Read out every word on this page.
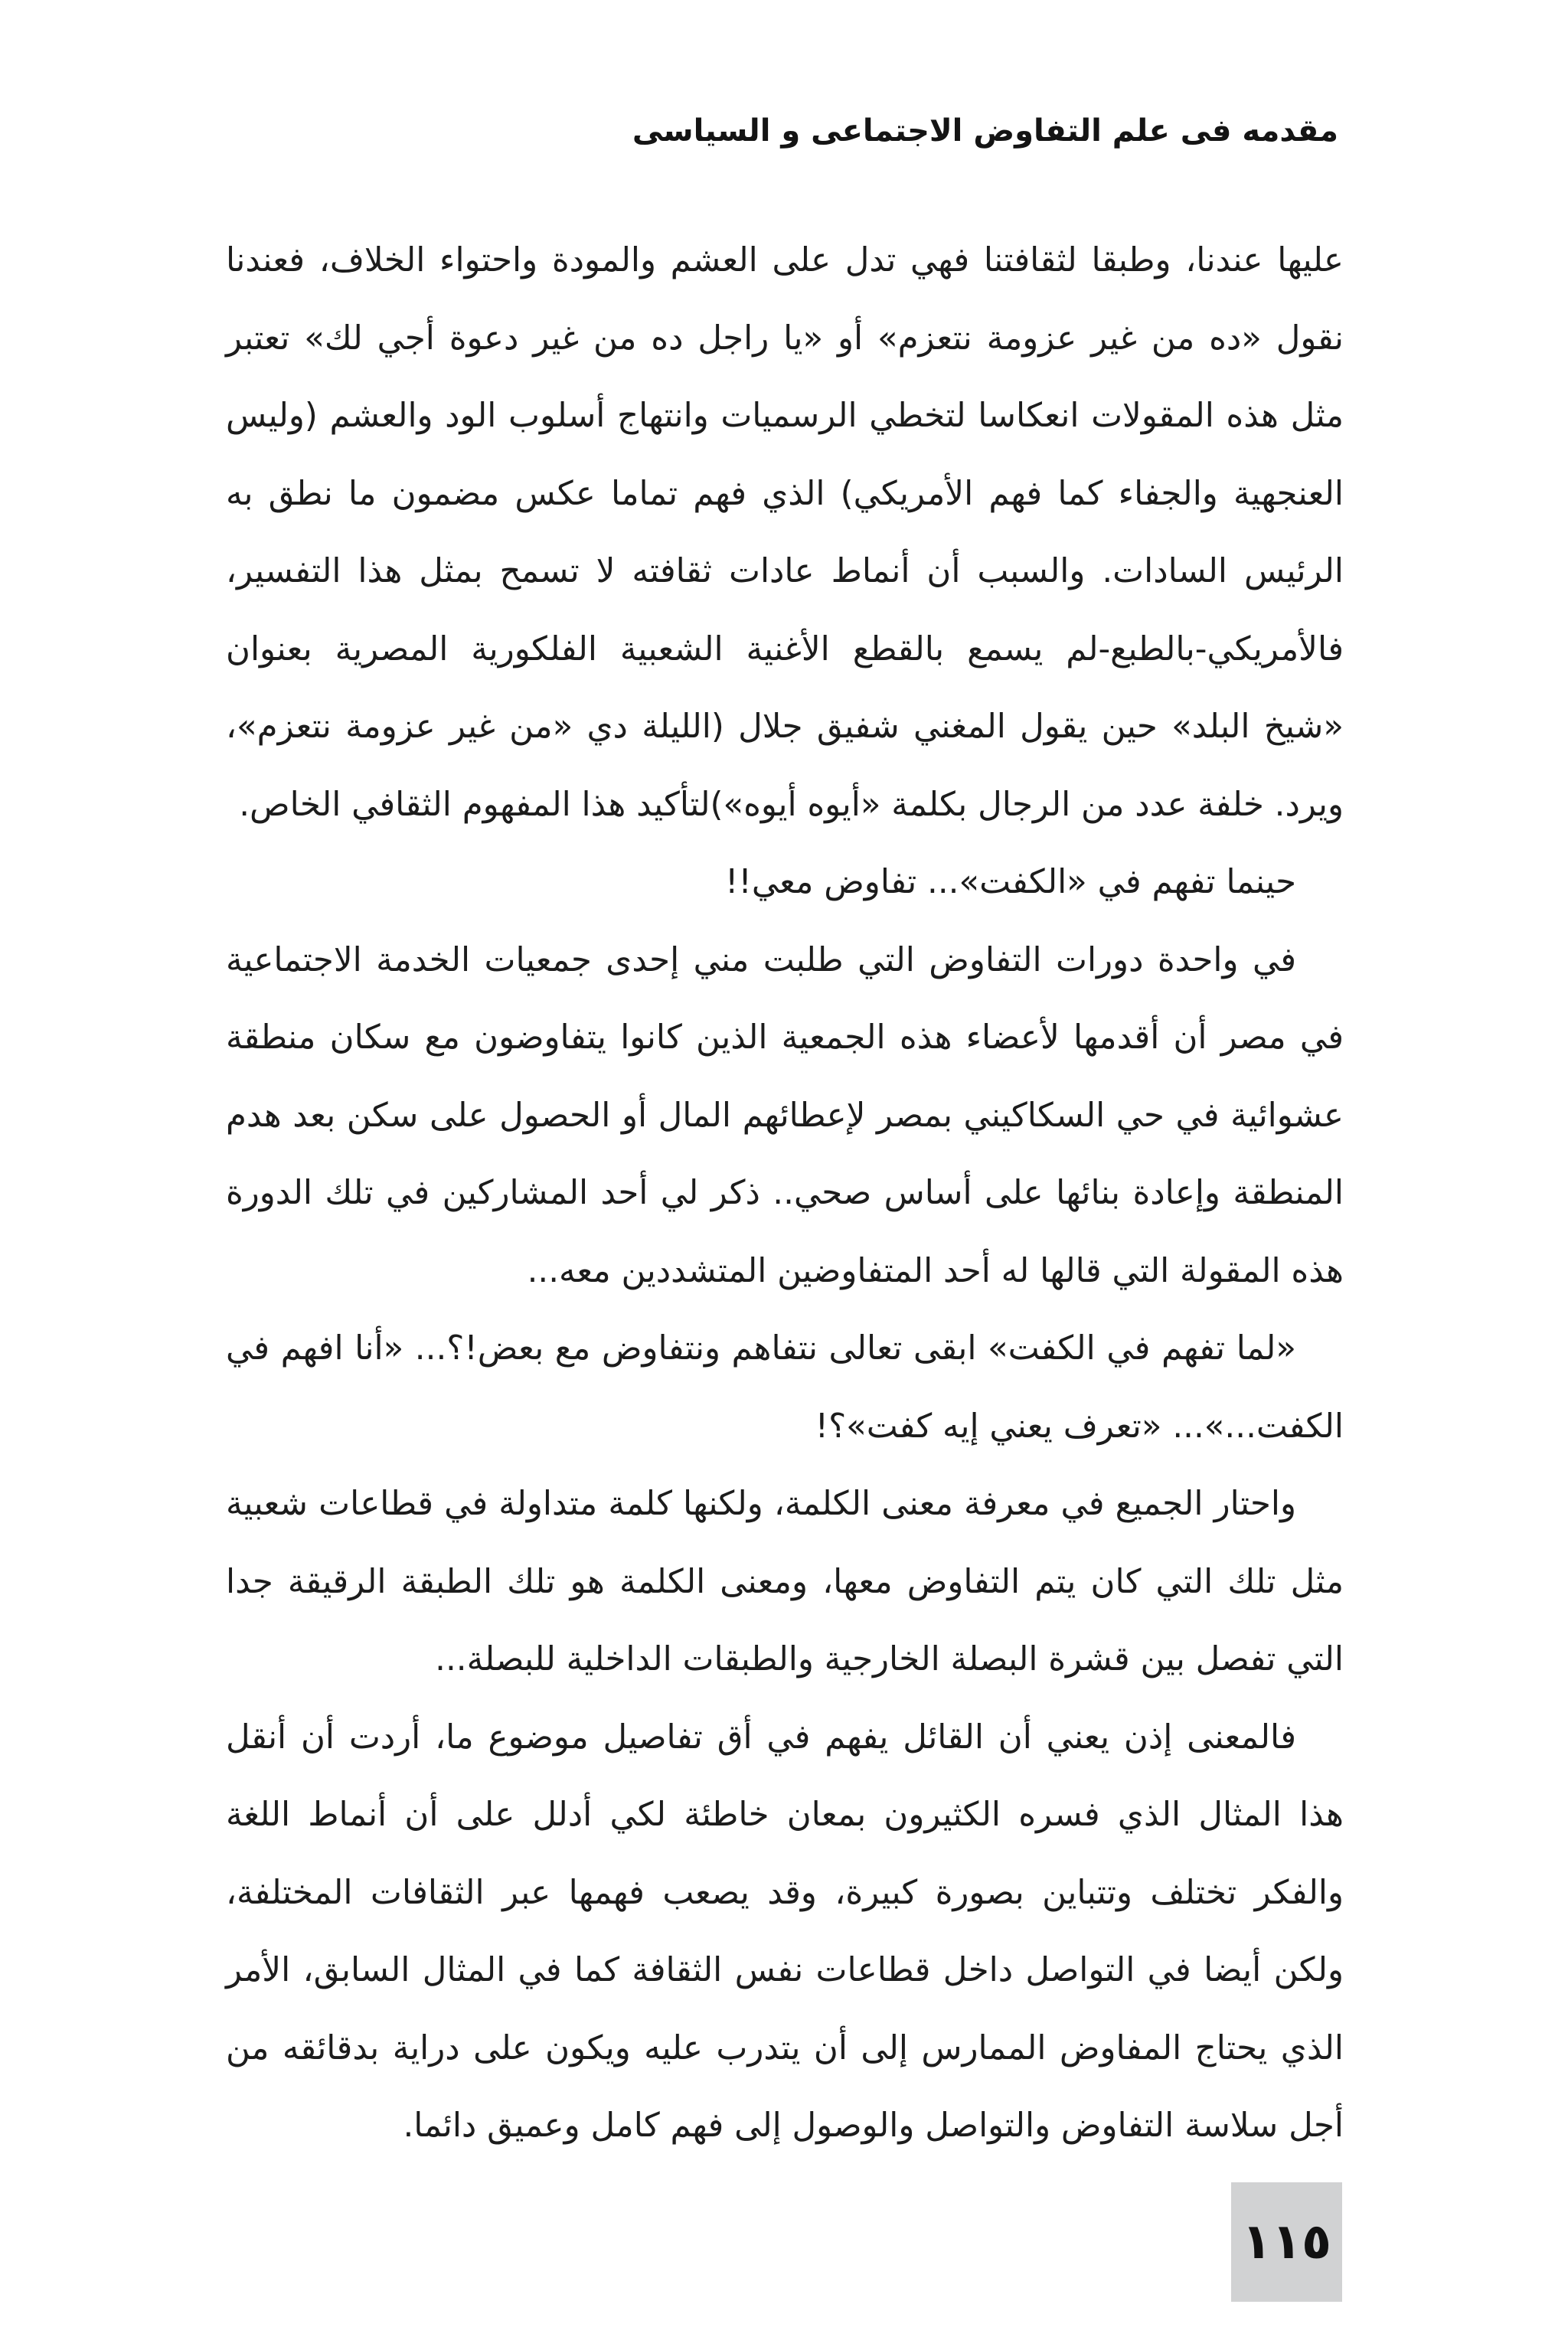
مقدمه فى علم التفاوض الاجتماعى و السياسى

عليها عندنا، وطبقا لثقافتنا فهي تدل على العشم والمودة واحتواء الخلاف، فعندنا نقول «ده من غير عزومة نتعزم» أو «يا راجل ده من غير دعوة أجي لك» تعتبر مثل هذه المقولات انعكاسا لتخطي الرسميات وانتهاج أسلوب الود والعشم (وليس العنجهية والجفاء كما فهم الأمريكي) الذي فهم تماما عكس مضمون ما نطق به الرئيس السادات. والسبب أن أنماط عادات ثقافته لا تسمح بمثل هذا التفسير، فالأمريكي-بالطبع-لم يسمع بالقطع الأغنية الشعبية الفلكورية المصرية بعنوان «شيخ البلد» حين يقول المغني شفيق جلال (الليلة دي «من غير عزومة نتعزم»، ويرد. خلفة عدد من الرجال بكلمة «أيوه أيوه»)لتأكيد هذا المفهوم الثقافي الخاص.

حينما تفهم في «الكفت»... تفاوض معي!!

في واحدة دورات التفاوض التي طلبت مني إحدى جمعيات الخدمة الاجتماعية في مصر أن أقدمها لأعضاء هذه الجمعية الذين كانوا يتفاوضون مع سكان منطقة عشوائية في حي السكاكيني بمصر لإعطائهم المال أو الحصول على سكن بعد هدم المنطقة وإعادة بنائها على أساس صحي.. ذكر لي أحد المشاركين في تلك الدورة هذه المقولة التي قالها له أحد المتفاوضين المتشددين معه...

«لما تفهم في الكفت» ابقى تعالى نتفاهم ونتفاوض مع بعض!؟... «أنا افهم في الكفت...»... «تعرف يعني إيه كفت»؟!

واحتار الجميع في معرفة معنى الكلمة، ولكنها كلمة متداولة في قطاعات شعبية مثل تلك التي كان يتم التفاوض معها، ومعنى الكلمة هو تلك الطبقة الرقيقة جدا التي تفصل بين قشرة البصلة الخارجية والطبقات الداخلية للبصلة...

فالمعنى إذن يعني أن القائل يفهم في أق تفاصيل موضوع ما، أردت أن أنقل هذا المثال الذي فسره الكثيرون بمعان خاطئة لكي أدلل على أن أنماط اللغة والفكر تختلف وتتباين بصورة كبيرة، وقد يصعب فهمها عبر الثقافات المختلفة، ولكن أيضا في التواصل داخل قطاعات نفس الثقافة كما في المثال السابق، الأمر الذي يحتاج المفاوض الممارس إلى أن يتدرب عليه ويكون على دراية بدقائقه من أجل سلاسة التفاوض والتواصل والوصول إلى فهم كامل وعميق دائما.

١١٥
